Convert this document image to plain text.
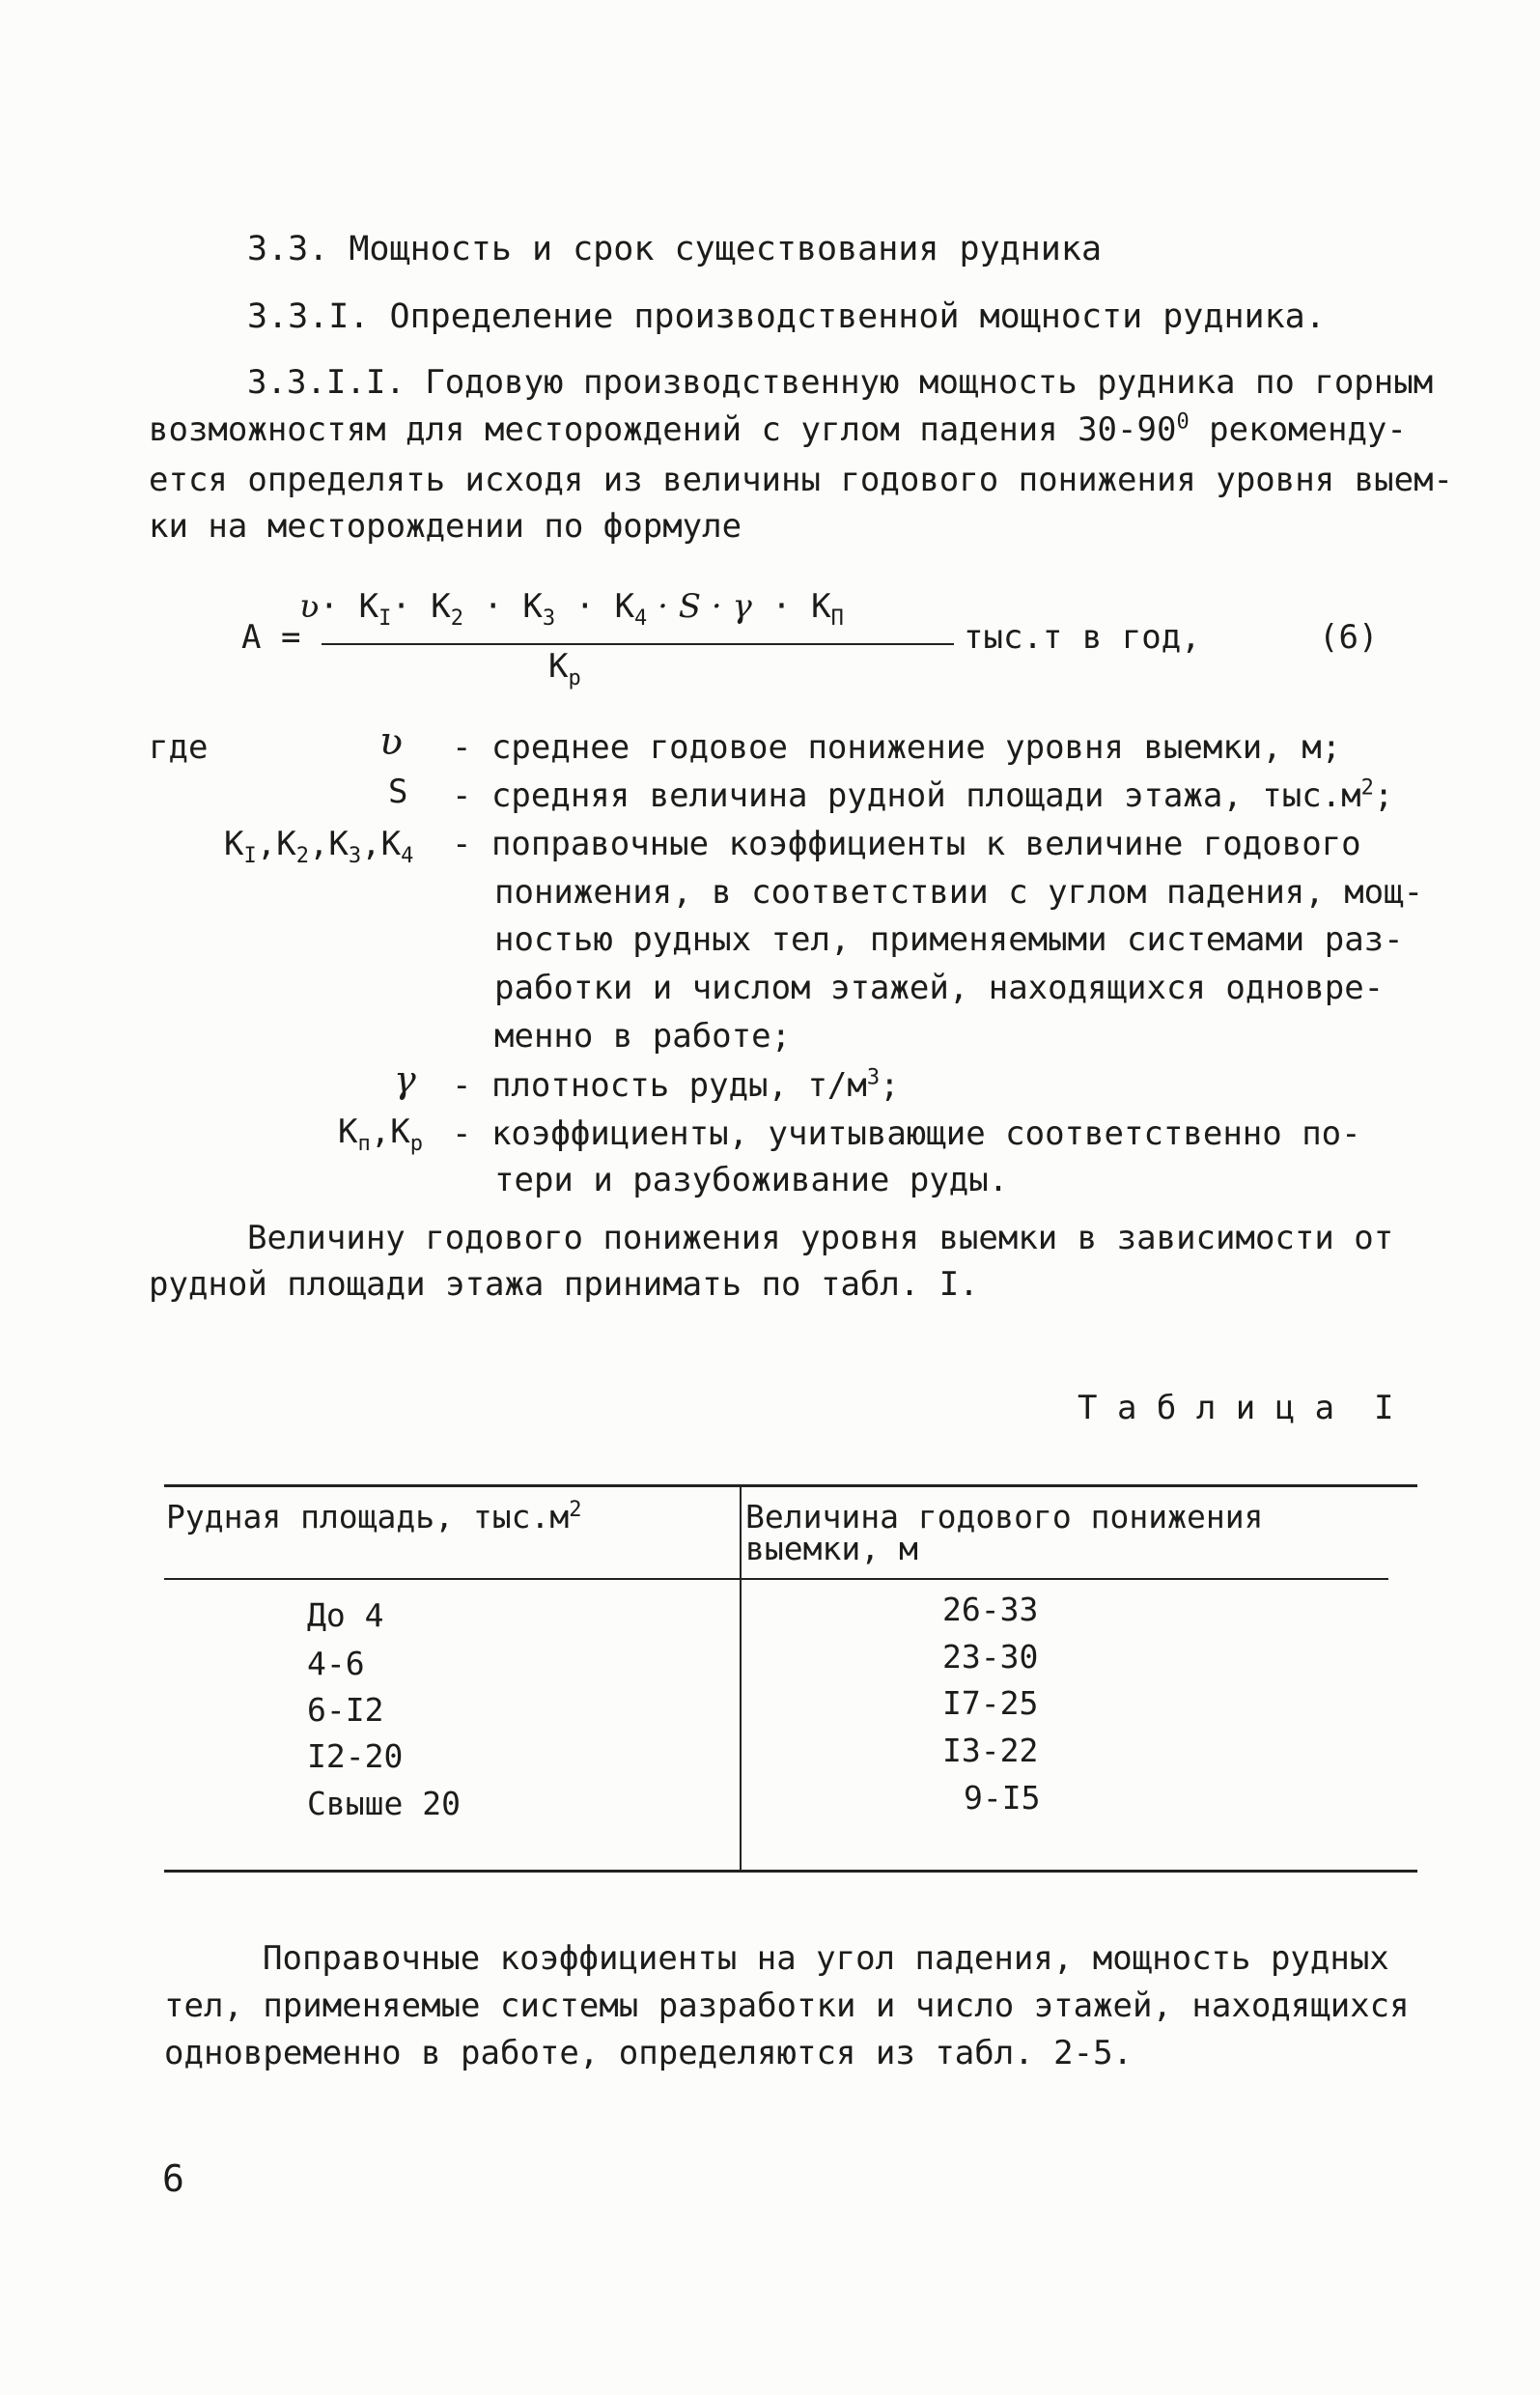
3.3. Мощность и срок существования рудника
3.3.I. Определение производственной мощности рудника.
3.3.I.I. Годовую производственную мощность рудника по горным
возможностям для месторождений с углом падения $30-90^0$ рекоменду-
ется определять исходя из величины годового понижения уровня выем-
ки на месторождении по формуле
A =
ʋ· $K_I\cdot K_2 \cdot K_3 \cdot K_4 \cdot S \cdot \gamma \cdot K_П$
$K_р$
тыс.т в год,	(6)
где	ʋ - среднее годовое понижение уровня выемки, м;
S - средняя величина рудной площади этажа, $тыс.м^2$;
$K_I,K_2,K_3,K_4$ - поправочные коэффициенты к величине годового
понижения, в соответствии с углом падения, мощ-
ностью рудных тел, применяемыми системами раз-
работки и числом этажей, находящихся одновре-
менно в работе;
γ - плотность руды, $т/м^3$;
$K_п,K_р$ - коэффициенты, учитывающие соответственно по-
тери и разубоживание руды.
Величину годового понижения уровня выемки в зависимости от
рудной площади этажа принимать по табл. I.
Т а б л и ц а  I
Рудная площадь, $тыс.м^2$	Величина годового понижения
выемки, м
До 4	26-33
4-6	23-30
6-I2	I7-25
I2-20	I3-22
Свыше 20	9-I5
Поправочные коэффициенты на угол падения, мощность рудных
тел, применяемые системы разработки и число этажей, находящихся
одновременно в работе, определяются из табл. 2-5.
6
